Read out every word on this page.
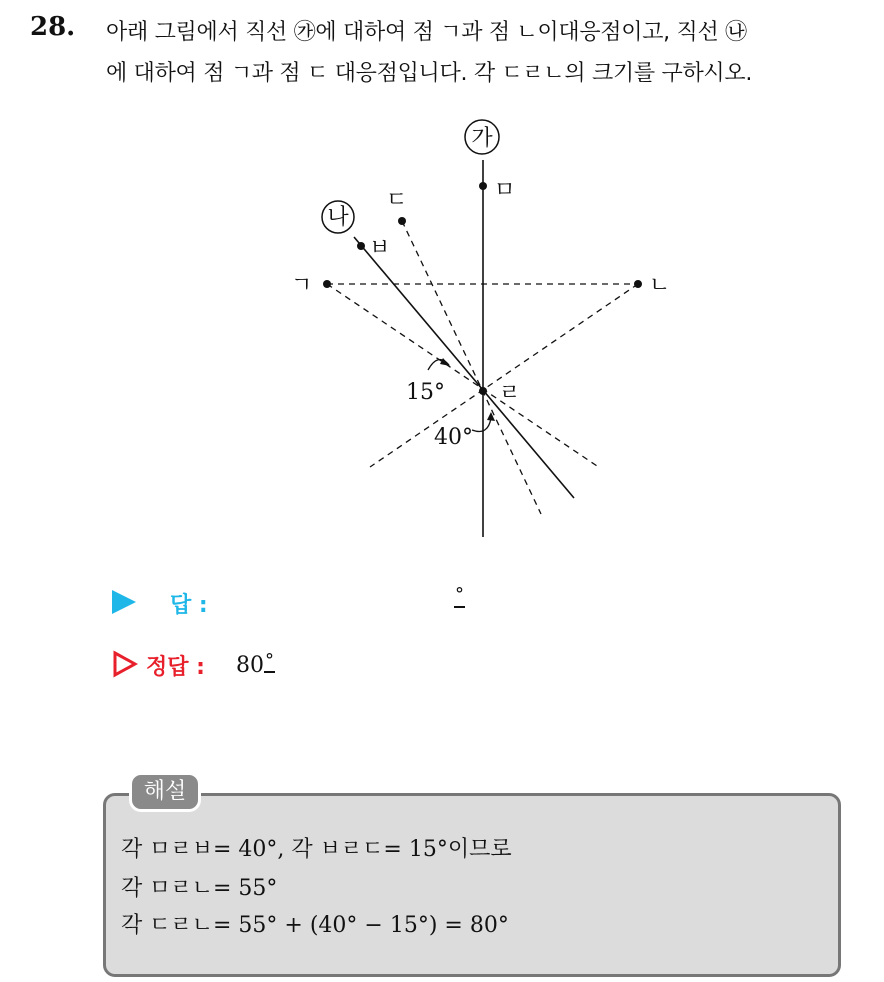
28. 아래 그림에서 직선 ㉮에 대하여 점 ㄱ과 점 ㄴ이대응점이고, 직선 ㉯
에 대하여 점 ㄱ과 점 ㄷ 대응점입니다. 각 ㄷㄹㄴ의 크기를 구하시오.
가
나
ㅁ
ㄷ
ㅂ
ㄱ	ㄴ
ㄹ
15°
40°
답 :	°
정답 : 80°
해설
각 ㅁㄹㅂ= 40°, 각 ㅂㄹㄷ= 15°이므로
각 ㅁㄹㄴ= 55°
각 ㄷㄹㄴ= 55° + (40° − 15°) = 80°
